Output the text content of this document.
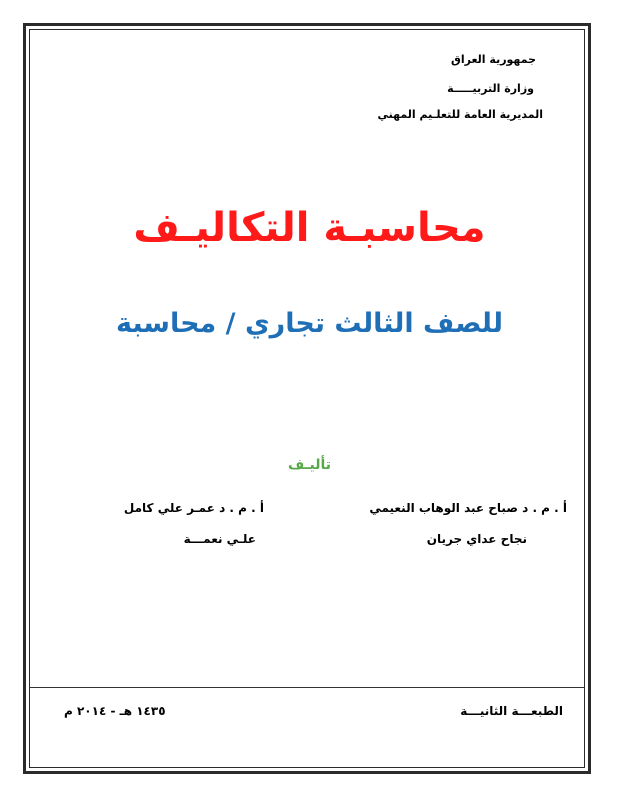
جمهورية العراق
وزارة التربيـــــة
المديرية العامة للتعلـيم المهني
محاسبـة التكاليـف
للصف الثالث تجاري / محاسبة
تأليـف
أ . م . د صباح عبد الوهاب النعيمي
أ . م . د عمـر علي كامل
نجاح عداي جريان
علـي نعمـــة
الطبعـــة الثانيـــة
١٤٣٥ هـ - ٢٠١٤ م
